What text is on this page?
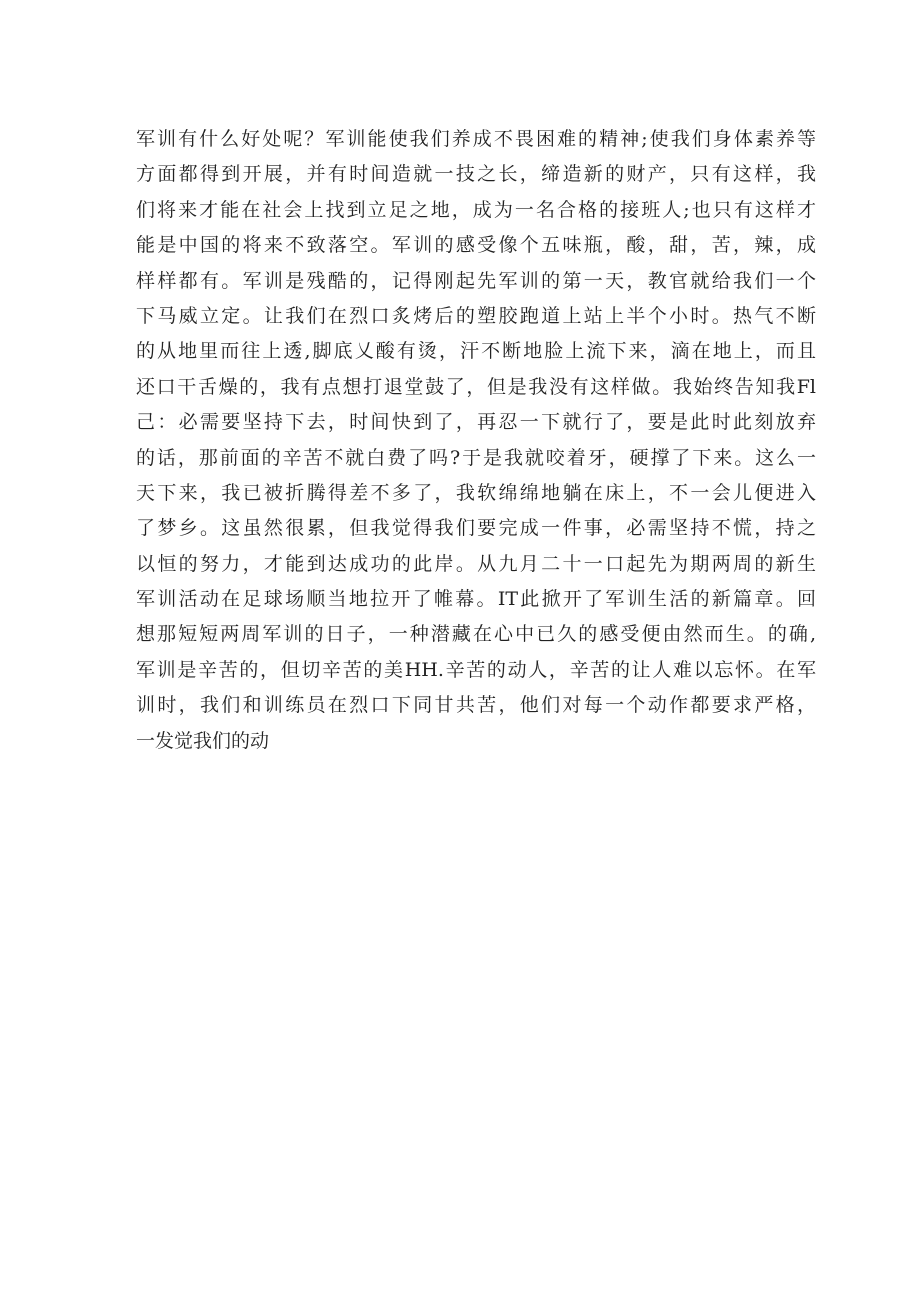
军训有什么好处呢？军训能使我们养成不畏困难的精神;使我们身体素养等
方面都得到开展，并有时间造就一技之长，缔造新的财产，只有这样，我
们将来才能在社会上找到立足之地，成为一名合格的接班人;也只有这样才
能是中国的将来不致落空。军训的感受像个五味瓶，酸，甜，苦，辣，成
样样都有。军训是残酷的，记得刚起先军训的第一天，教官就给我们一个
下马威立定。让我们在烈口炙烤后的塑胶跑道上站上半个小时。热气不断
的从地里而往上透,脚底乂酸有烫，汗不断地脸上流下来，滴在地上，而且
还口干舌燥的，我有点想打退堂鼓了，但是我没有这样做。我始终告知我Fl
己：必需要坚持下去，时间快到了，再忍一下就行了，要是此时此刻放弃
的话，那前面的辛苦不就白费了吗?于是我就咬着牙，硬撑了下来。这么一
天下来，我已被折腾得差不多了，我软绵绵地躺在床上，不一会儿便进入
了梦乡。这虽然很累，但我觉得我们要完成一件事，必需坚持不慌，持之
以恒的努力，才能到达成功的此岸。从九月二十一口起先为期两周的新生
军训活动在足球场顺当地拉开了帷幕。IT此掀开了军训生活的新篇章。回
想那短短两周军训的日子，一种潜藏在心中已久的感受便由然而生。的确,
军训是辛苦的，但切辛苦的美HH.辛苦的动人，辛苦的让人难以忘怀。在军
训时，我们和训练员在烈口下同甘共苦，他们对每一个动作都要求严格，
一发觉我们的动
